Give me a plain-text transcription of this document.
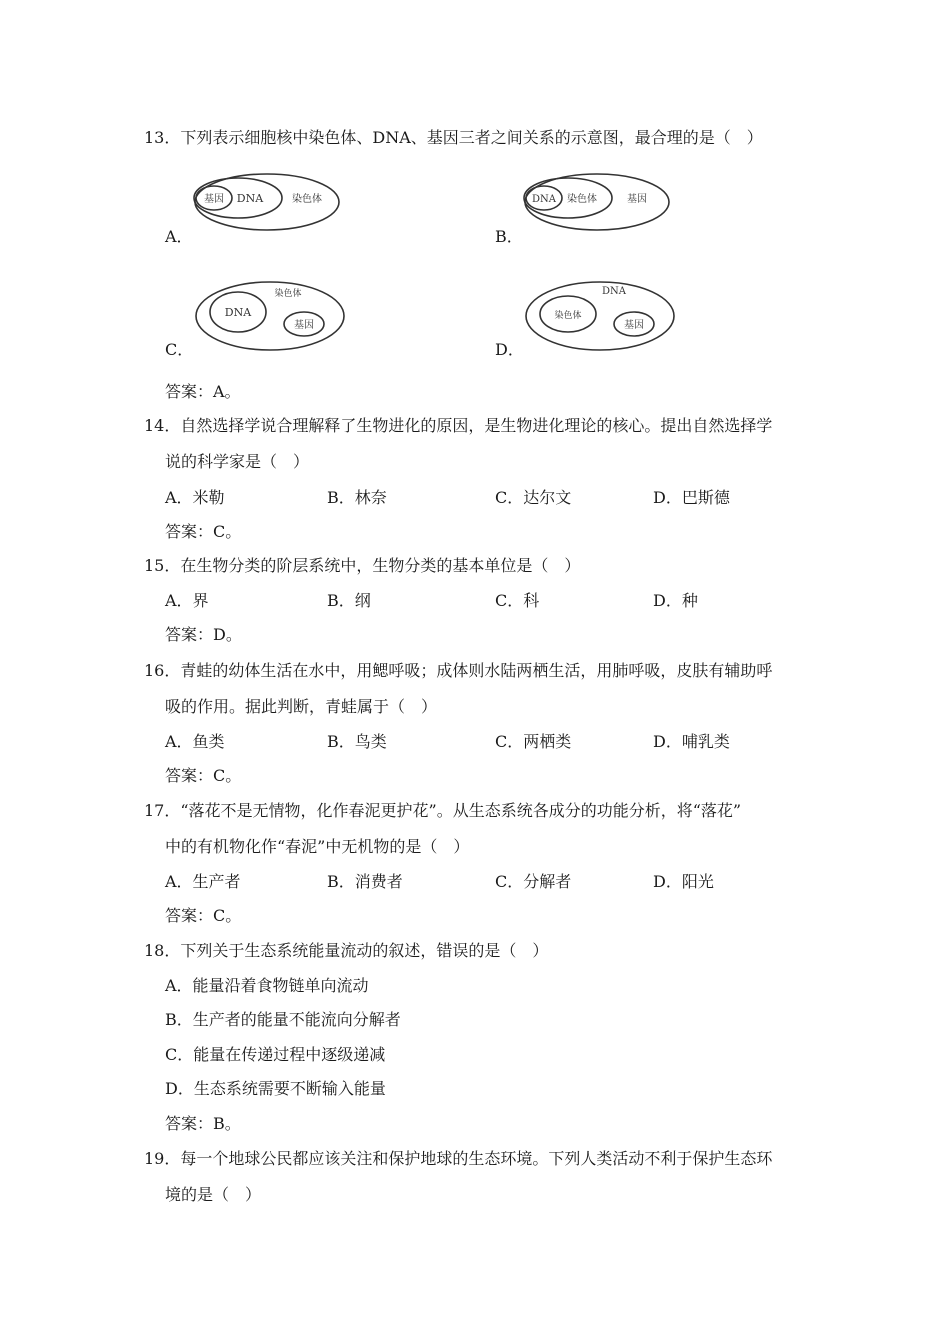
13．下列表示细胞核中染色体、DNA、基因三者之间关系的示意图，最合理的是（　）
基因 DNA	染色体
A．
DNA 染色体	基因
B．
DNA
染色体
基因
C．
染色体
DNA
基因
D．
答案：A。
14．自然选择学说合理解释了生物进化的原因，是生物进化理论的核心。提出自然选择学
说的科学家是（　）
A．米勒	B．林奈	C．达尔文	D．巴斯德
答案：C。
15．在生物分类的阶层系统中，生物分类的基本单位是（　）
A．界	B．纲	C．科	D．种
答案：D。
16．青蛙的幼体生活在水中，用鳃呼吸；成体则水陆两栖生活，用肺呼吸，皮肤有辅助呼
吸的作用。据此判断，青蛙属于（　）
A．鱼类	B．鸟类	C．两栖类	D．哺乳类
答案：C。
17．“落花不是无情物，化作春泥更护花”。从生态系统各成分的功能分析，将“落花”
中的有机物化作“春泥”中无机物的是（　）
A．生产者	B．消费者	C．分解者	D．阳光
答案：C。
18．下列关于生态系统能量流动的叙述，错误的是（　）
A．能量沿着食物链单向流动
B．生产者的能量不能流向分解者
C．能量在传递过程中逐级递减
D．生态系统需要不断输入能量
答案：B。
19．每一个地球公民都应该关注和保护地球的生态环境。下列人类活动不利于保护生态环
境的是（　）
